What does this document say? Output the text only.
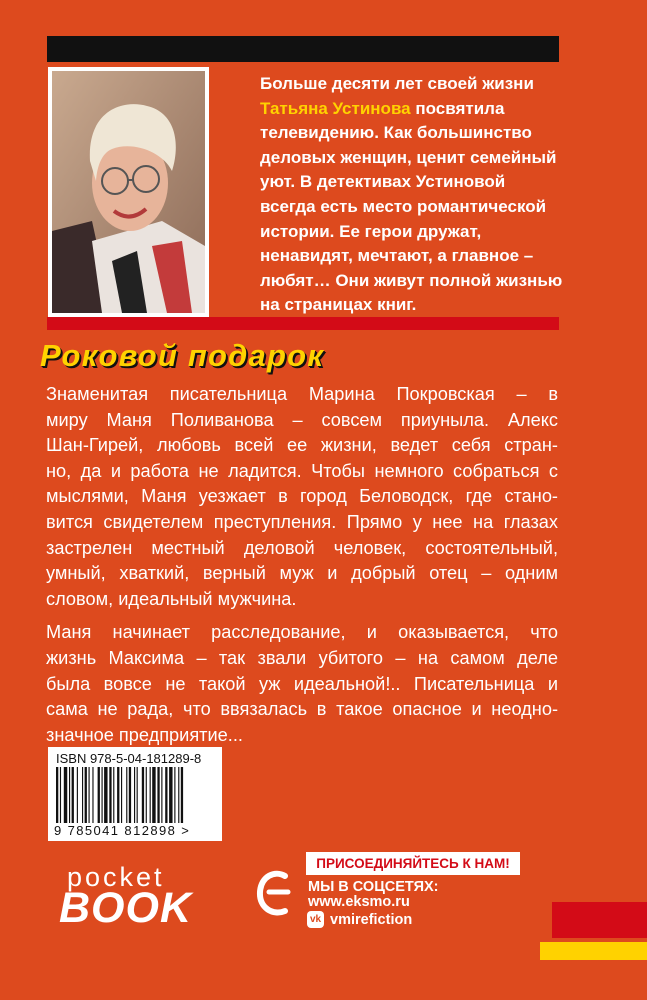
Больше десяти лет своей жизни
Татьяна Устинова посвятила
телевидению. Как большинство
деловых женщин, ценит семейный
уют. В детективах Устиновой
всегда есть место романтической
истории. Ее герои дружат,
ненавидят, мечтают, а главное –
любят… Они живут полной жизнью
на страницах книг.
Роковой подарок
Знаменитая писательница Марина Покровская – в
миру Маня Поливанова – совсем приуныла. Алекс
Шан-Гирей, любовь всей ее жизни, ведет себя стран-
но, да и работа не ладится. Чтобы немного собраться с
мыслями, Маня уезжает в город Беловодск, где стано-
вится свидетелем преступления. Прямо у нее на глазах
застрелен местный деловой человек, состоятельный,
умный, хваткий, верный муж и добрый отец – одним
словом, идеальный мужчина.
Маня начинает расследование, и оказывается, что
жизнь Максима – так звали убитого – на самом деле
была вовсе не такой уж идеальной!.. Писательница и
сама не рада, что ввязалась в такое опасное и неодно-
значное предприятие...
ISBN 978-5-04-181289-8
9 785041 812898 >
pocket
BOOK
ПРИСОЕДИНЯЙТЕСЬ К НАМ!
МЫ В СОЦСЕТЯХ:
www.eksmo.ru
vk vmirefiction
